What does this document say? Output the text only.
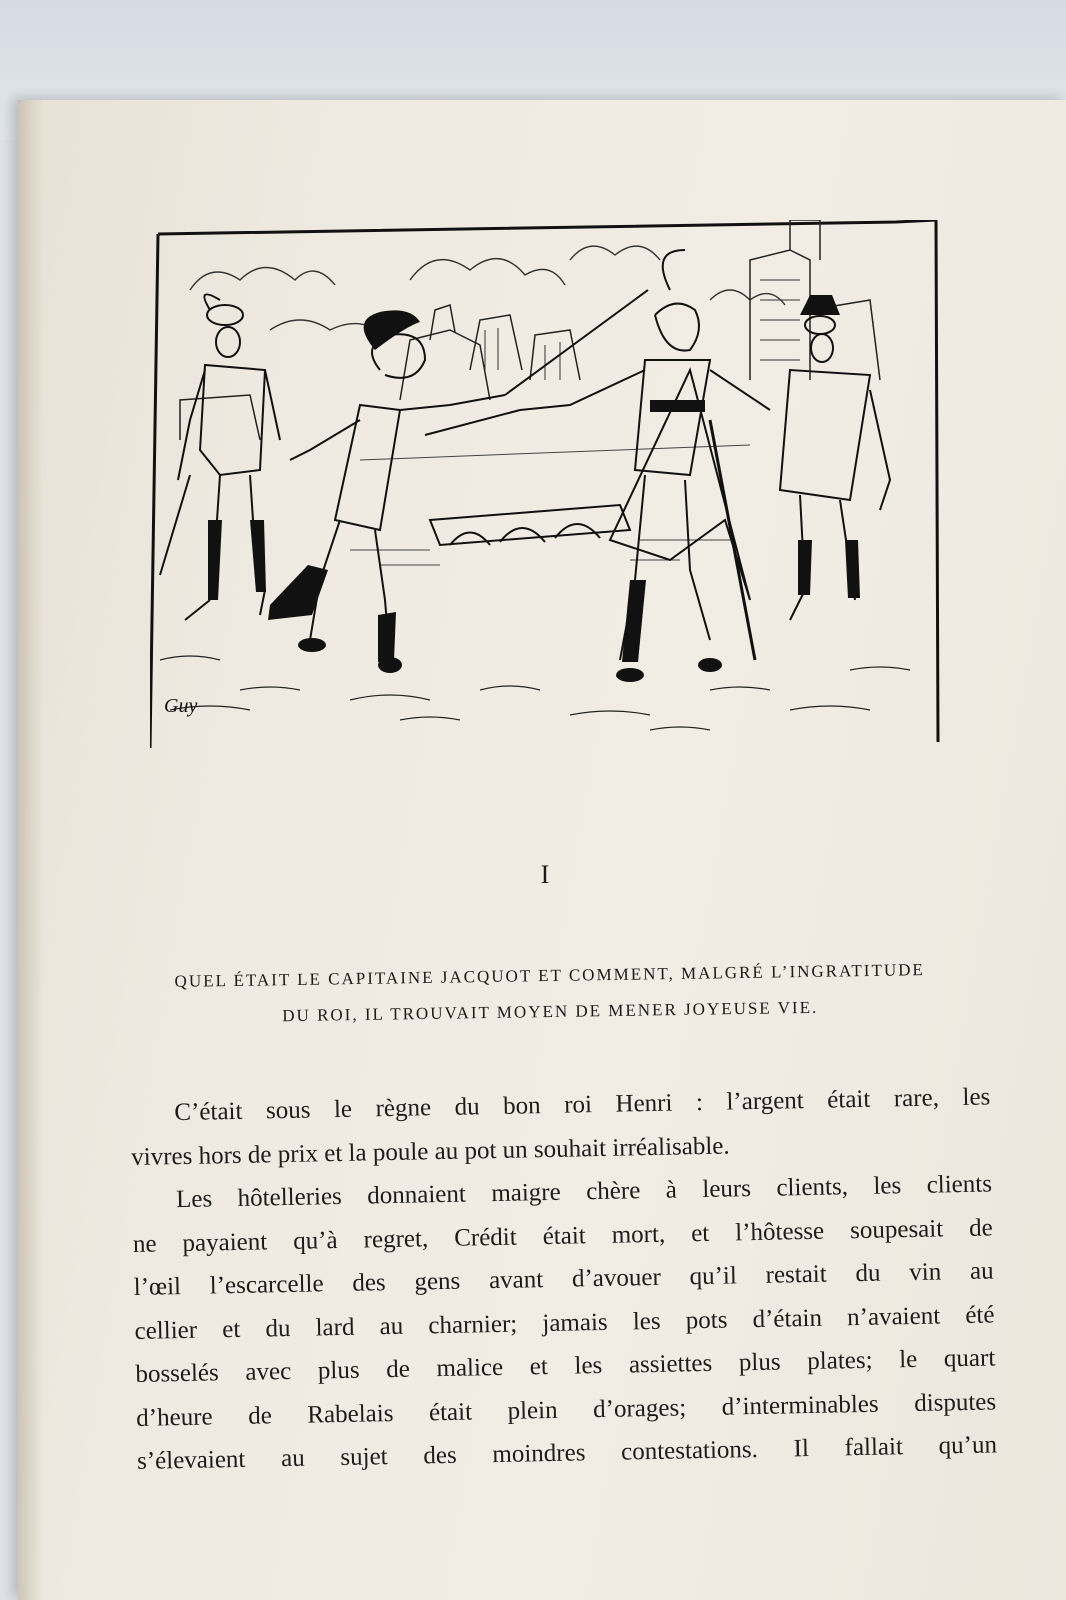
Guy
I
QUEL ÉTAIT LE CAPITAINE JACQUOT ET COMMENT, MALGRÉ L’INGRATITUDE
DU ROI, IL TROUVAIT MOYEN DE MENER JOYEUSE VIE.
C’était sous le règne du bon roi Henri : l’argent était rare, les
vivres hors de prix et la poule au pot un souhait irréalisable.
Les hôtelleries donnaient maigre chère à leurs clients, les clients
ne payaient qu’à regret, Crédit était mort, et l’hôtesse soupesait de
l’œil l’escarcelle des gens avant d’avouer qu’il restait du vin au
cellier et du lard au charnier; jamais les pots d’étain n’avaient été
bosselés avec plus de malice et les assiettes plus plates; le quart
d’heure de Rabelais était plein d’orages; d’interminables disputes
s’élevaient au sujet des moindres contestations. Il fallait qu’un
